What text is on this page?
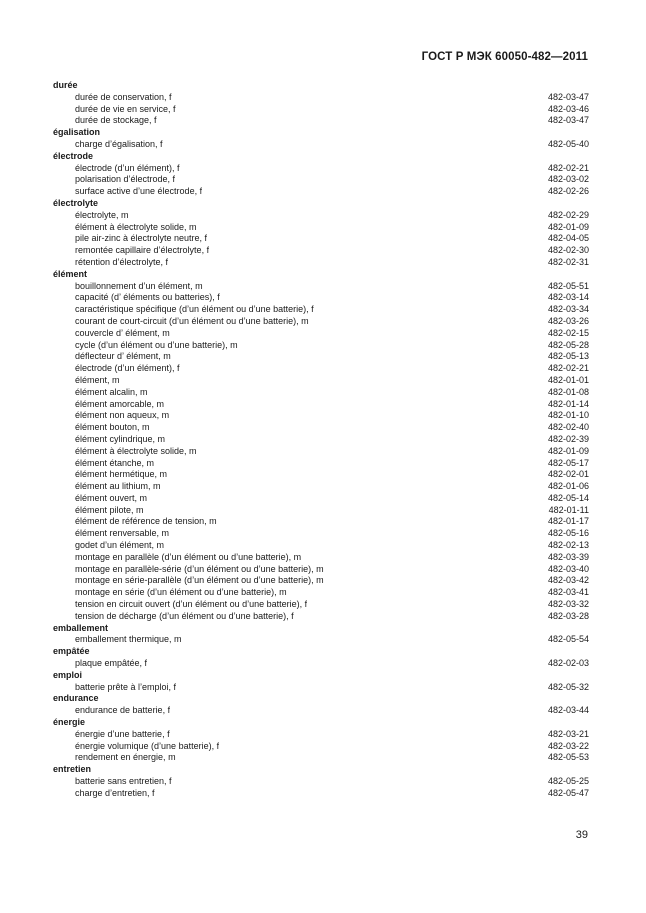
ГОСТ Р МЭК 60050-482—2011
durée
durée de conservation, f	482-03-47
durée de vie en service, f	482-03-46
durée de stockage, f	482-03-47
égalisation
charge d’égalisation, f	482-05-40
électrode
électrode (d’un élément), f	482-02-21
polarisation d’électrode, f	482-03-02
surface active d’une électrode, f	482-02-26
électrolyte
électrolyte, m	482-02-29
élément à électrolyte solide, m	482-01-09
pile air-zinc à électrolyte neutre, f	482-04-05
remontée capillaire d’électrolyte, f	482-02-30
rétention d’électrolyte, f	482-02-31
élément
bouillonnement d’un élément, m	482-05-51
capacité (d’ éléments ou batteries), f	482-03-14
caractéristique spécifique (d’un élément ou d’une batterie), f	482-03-34
courant de court-circuit (d’un élément ou d’une batterie), m	482-03-26
couvercle d’ élément, m	482-02-15
cycle (d’un élément ou d’une batterie), m	482-05-28
déflecteur d’ élément, m	482-05-13
électrode (d’un élément), f	482-02-21
élément, m	482-01-01
élément alcalin, m	482-01-08
élément amorcable, m	482-01-14
élément non aqueux, m	482-01-10
élément bouton, m	482-02-40
élément cylindrique, m	482-02-39
élément à électrolyte solide, m	482-01-09
élément étanche, m	482-05-17
élément hermétique, m	482-02-01
élément au lithium, m	482-01-06
élément ouvert, m	482-05-14
élément pilote, m	482-01-11
élément de référence de tension, m	482-01-17
élément renversable, m	482-05-16
godet d’un élément, m	482-02-13
montage en parallèle (d’un élément ou d’une batterie), m	482-03-39
montage en parallèle-série (d’un élément ou d’une batterie), m	482-03-40
montage en série-parallèle (d’un élément ou d’une batterie), m	482-03-42
montage en série (d’un élément ou d’une batterie), m	482-03-41
tension en circuit ouvert (d’un élément ou d’une batterie), f	482-03-32
tension de décharge (d’un élément ou d’une batterie), f	482-03-28
emballement
emballement thermique, m	482-05-54
empâtée
plaque empâtée, f	482-02-03
emploi
batterie prête à l’emploi, f	482-05-32
endurance
endurance de batterie, f	482-03-44
énergie
énergie d’une batterie, f	482-03-21
énergie volumique (d’une batterie), f	482-03-22
rendement en énergie, m	482-05-53
entretien
batterie sans entretien, f	482-05-25
charge d’entretien, f	482-05-47
39
